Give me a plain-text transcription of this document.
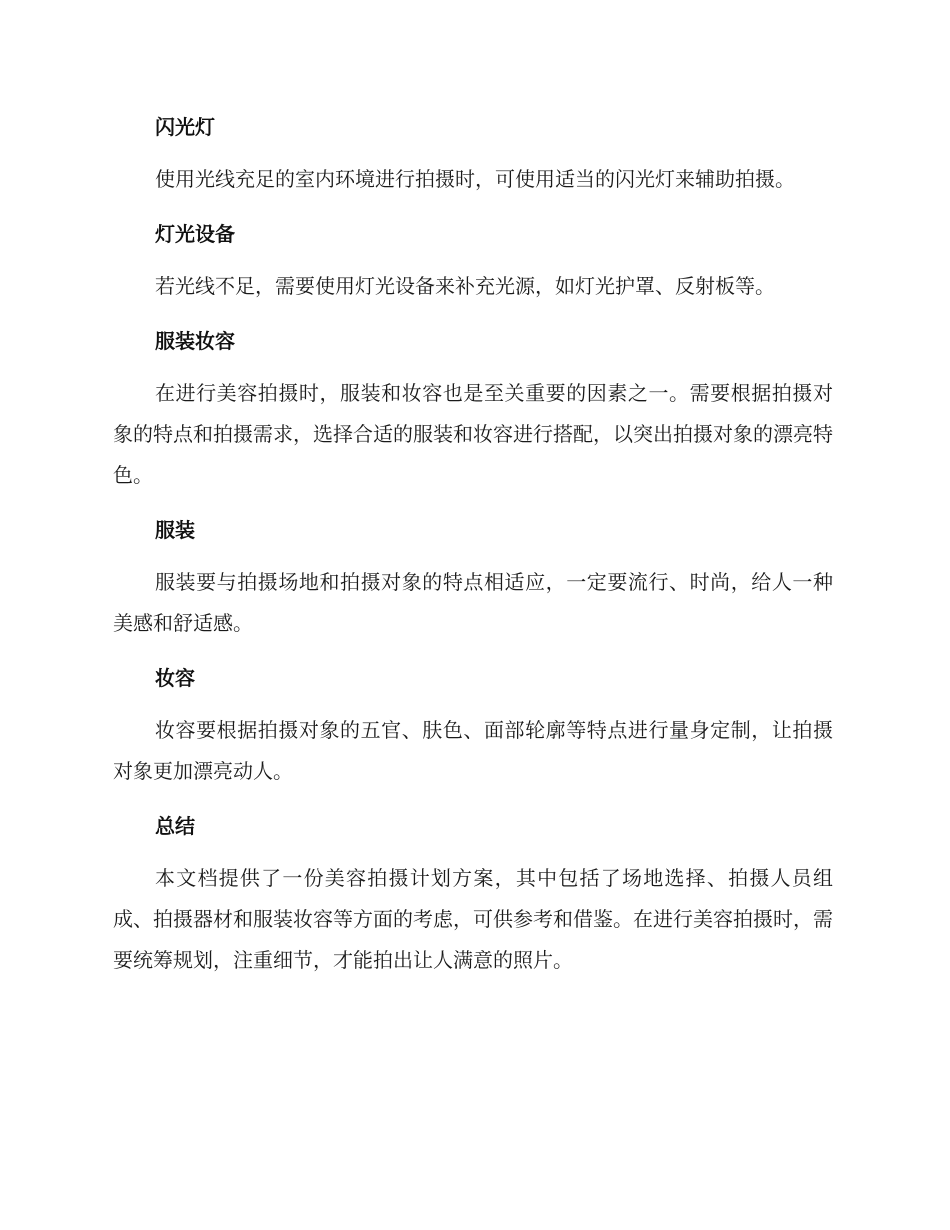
闪光灯

使用光线充足的室内环境进行拍摄时，可使用适当的闪光灯来辅助拍摄。

灯光设备

若光线不足，需要使用灯光设备来补充光源，如灯光护罩、反射板等。

服装妆容

在进行美容拍摄时，服装和妆容也是至关重要的因素之一。需要根据拍摄对象的特点和拍摄需求，选择合适的服装和妆容进行搭配，以突出拍摄对象的漂亮特色。

服装

服装要与拍摄场地和拍摄对象的特点相适应，一定要流行、时尚，给人一种美感和舒适感。

妆容

妆容要根据拍摄对象的五官、肤色、面部轮廓等特点进行量身定制，让拍摄对象更加漂亮动人。

总结

本文档提供了一份美容拍摄计划方案，其中包括了场地选择、拍摄人员组成、拍摄器材和服装妆容等方面的考虑，可供参考和借鉴。在进行美容拍摄时，需要统筹规划，注重细节，才能拍出让人满意的照片。
